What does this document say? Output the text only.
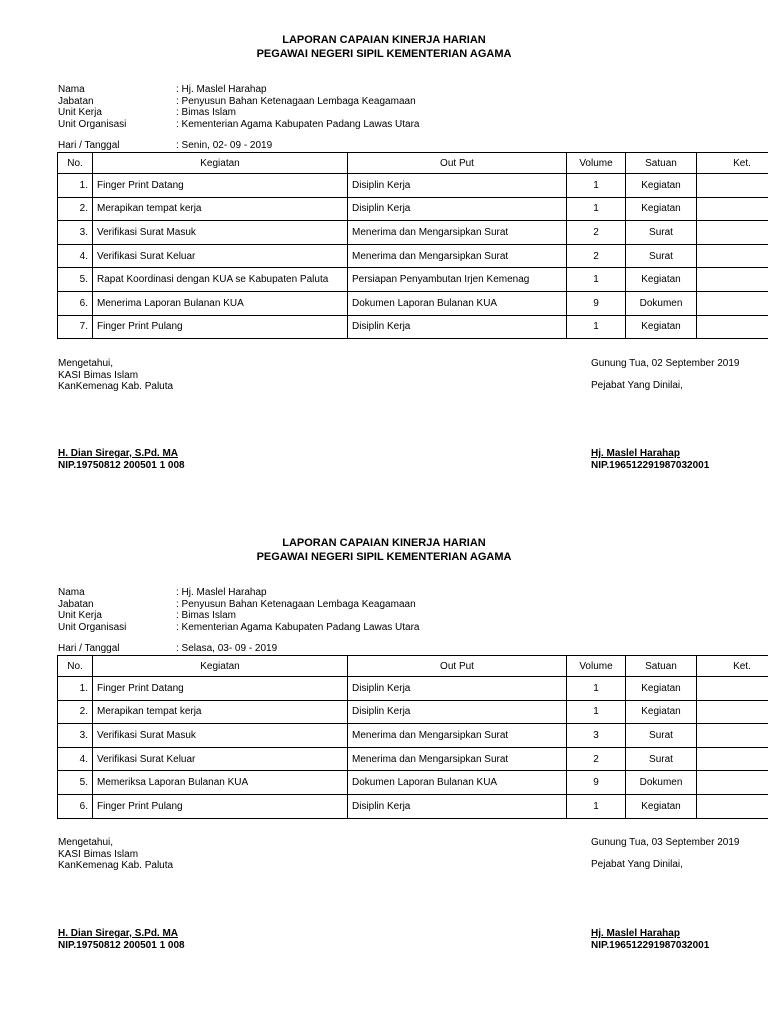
LAPORAN CAPAIAN KINERJA HARIAN
PEGAWAI NEGERI SIPIL KEMENTERIAN AGAMA
Nama	: Hj. Maslel Harahap
Jabatan	: Penyusun Bahan Ketenagaan Lembaga Keagamaan
Unit Kerja	: Bimas Islam
Unit Organisasi	: Kementerian Agama Kabupaten Padang Lawas Utara
Hari / Tanggal	: Senin, 02- 09 - 2019
No.	Kegiatan	Out Put	Volume	Satuan	Ket.
1.	Finger Print Datang	Disiplin Kerja	1	Kegiatan	
2.	Merapikan tempat kerja	Disiplin Kerja	1	Kegiatan	
3.	Verifikasi Surat Masuk	Menerima dan Mengarsipkan Surat	2	Surat	
4.	Verifikasi Surat Keluar	Menerima dan Mengarsipkan Surat	2	Surat	
5.	Rapat Koordinasi dengan KUA se Kabupaten Paluta	Persiapan Penyambutan Irjen Kemenag	1	Kegiatan	
6.	Menerima Laporan Bulanan KUA	Dokumen Laporan Bulanan KUA	9	Dokumen	
7.	Finger Print Pulang	Disiplin Kerja	1	Kegiatan	
Mengetahui,
KASI Bimas Islam
KanKemenag Kab. Paluta
H. Dian Siregar, S.Pd. MA
NIP.19750812 200501 1 008
Gunung Tua, 02 September 2019
Pejabat Yang Dinilai,
Hj. Maslel Harahap
NIP.196512291987032001
LAPORAN CAPAIAN KINERJA HARIAN
PEGAWAI NEGERI SIPIL KEMENTERIAN AGAMA
Nama	: Hj. Maslel Harahap
Jabatan	: Penyusun Bahan Ketenagaan Lembaga Keagamaan
Unit Kerja	: Bimas Islam
Unit Organisasi	: Kementerian Agama Kabupaten Padang Lawas Utara
Hari / Tanggal	: Selasa, 03- 09 - 2019
No.	Kegiatan	Out Put	Volume	Satuan	Ket.
1.	Finger Print Datang	Disiplin Kerja	1	Kegiatan	
2.	Merapikan tempat kerja	Disiplin Kerja	1	Kegiatan	
3.	Verifikasi Surat Masuk	Menerima dan Mengarsipkan Surat	3	Surat	
4.	Verifikasi Surat Keluar	Menerima dan Mengarsipkan Surat	2	Surat	
5.	Memeriksa Laporan Bulanan KUA	Dokumen Laporan Bulanan KUA	9	Dokumen	
6.	Finger Print Pulang	Disiplin Kerja	1	Kegiatan	
Mengetahui,
KASI Bimas Islam
KanKemenag Kab. Paluta
H. Dian Siregar, S.Pd. MA
NIP.19750812 200501 1 008
Gunung Tua, 03 September 2019
Pejabat Yang Dinilai,
Hj. Maslel Harahap
NIP.196512291987032001
